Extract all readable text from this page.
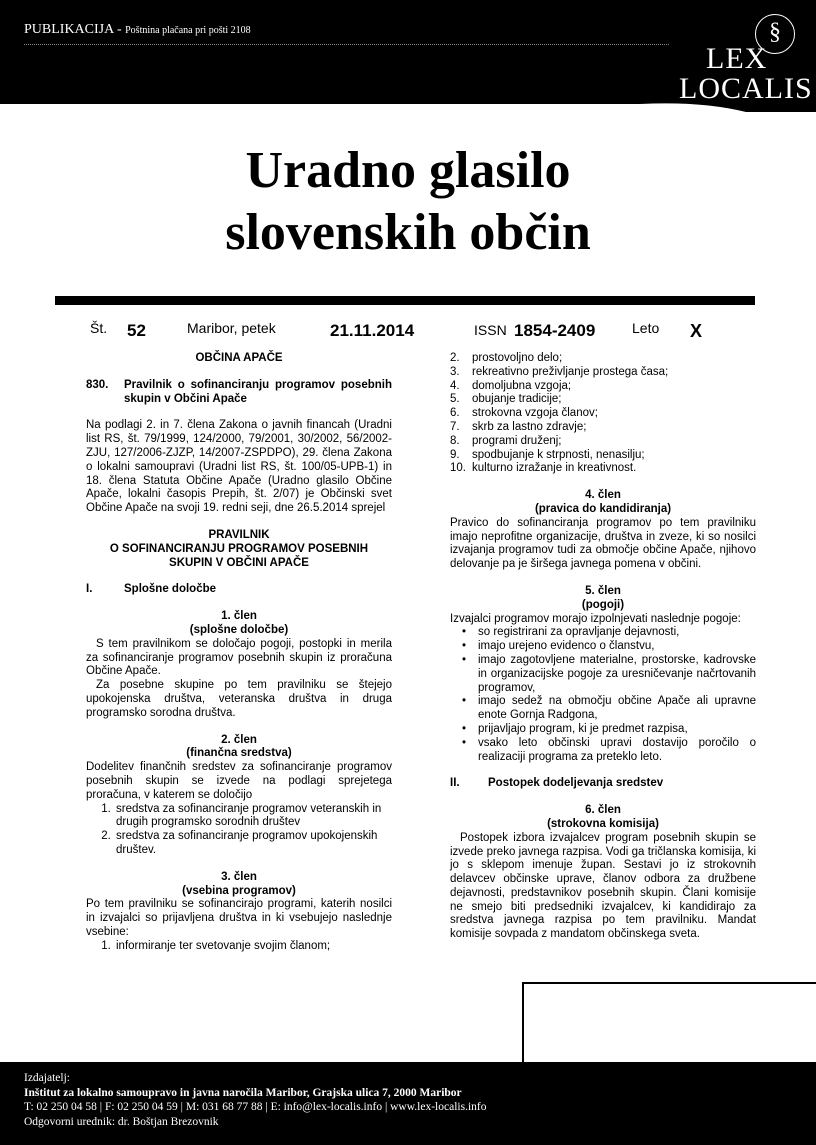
PUBLIKACIJA - Poštnina plačana pri pošti 2108	§
LEX
LOCALIS
Uradno glasilo
slovenskih občin
Št. 52	Maribor, petek	21.11.2014	ISSN 1854-2409	Leto X
OBČINA APAČE
830.	Pravilnik o sofinanciranju programov posebnih skupin v Občini Apače
Na podlagi 2. in 7. člena Zakona o javnih financah (Uradni list RS, št. 79/1999, 124/2000, 79/2001, 30/2002, 56/2002-ZJU, 127/2006-ZJZP, 14/2007-ZSPDPO), 29. člena Zakona o lokalni samoupravi (Uradni list RS, št. 100/05-UPB-1) in 18. člena Statuta Občine Apače (Uradno glasilo Občine Apače, lokalni časopis Prepih, št. 2/07) je Občinski svet Občine Apače na svoji 19. redni seji, dne 26.5.2014 sprejel
PRAVILNIK
O SOFINANCIRANJU PROGRAMOV POSEBNIH
SKUPIN V OBČINI APAČE
I.	Splošne določbe
1. člen
(splošne določbe)
S tem pravilnikom se določajo pogoji, postopki in merila za sofinanciranje programov posebnih skupin iz proračuna Občine Apače.
Za posebne skupine po tem pravilniku se štejejo upokojenska društva, veteranska društva in druga programsko sorodna društva.
2. člen
(finančna sredstva)
Dodelitev finančnih sredstev za sofinanciranje programov posebnih skupin se izvede na podlagi sprejetega proračuna, v katerem se določijo
1. sredstva za sofinanciranje programov veteranskih in drugih programsko sorodnih društev
2. sredstva za sofinanciranje programov upokojenskih društev.
3. člen
(vsebina programov)
Po tem pravilniku se sofinancirajo programi, katerih nosilci in izvajalci so prijavljena društva in ki vsebujejo naslednje vsebine:
1. informiranje ter svetovanje svojim članom;
2.	prostovoljno delo;
3.	rekreativno preživljanje prostega časa;
4.	domoljubna vzgoja;
5.	obujanje tradicije;
6.	strokovna vzgoja članov;
7.	skrb za lastno zdravje;
8.	programi druženj;
9.	spodbujanje k strpnosti, nenasilju;
10. kulturno izražanje in kreativnost.
4. člen
(pravica do kandidiranja)
Pravico do sofinanciranja programov po tem pravilniku imajo neprofitne organizacije, društva in zveze, ki so nosilci izvajanja programov tudi za območje občine Apače, njihovo delovanje pa je širšega javnega pomena v občini.
5. člen
(pogoji)
Izvajalci programov morajo izpolnjevati naslednje pogoje:
•	so registrirani za opravljanje dejavnosti,
•	imajo urejeno evidenco o članstvu,
•	imajo zagotovljene materialne, prostorske, kadrovske in organizacijske pogoje za uresničevanje načrtovanih programov,
•	imajo sedež na območju občine Apače ali upravne enote Gornja Radgona,
•	prijavljajo program, ki je predmet razpisa,
•	vsako leto občinski upravi dostavijo poročilo o realizaciji programa za preteklo leto.
II.	Postopek dodeljevanja sredstev
6. člen
(strokovna komisija)
Postopek izbora izvajalcev program posebnih skupin se izvede preko javnega razpisa. Vodi ga tričlanska komisija, ki jo s sklepom imenuje župan. Sestavi jo iz strokovnih delavcev občinske uprave, članov odbora za družbene dejavnosti, predstavnikov posebnih skupin. Člani komisije ne smejo biti predsedniki izvajalcev, ki kandidirajo za sredstva javnega razpisa po tem pravilniku. Mandat komisije sovpada z mandatom občinskega sveta.
Izdajatelj:
Inštitut za lokalno samoupravo in javna naročila Maribor, Grajska ulica 7, 2000 Maribor
T: 02 250 04 58 | F: 02 250 04 59 | M: 031 68 77 88 | E: info@lex-localis.info | www.lex-localis.info
Odgovorni urednik: dr. Boštjan Brezovnik
